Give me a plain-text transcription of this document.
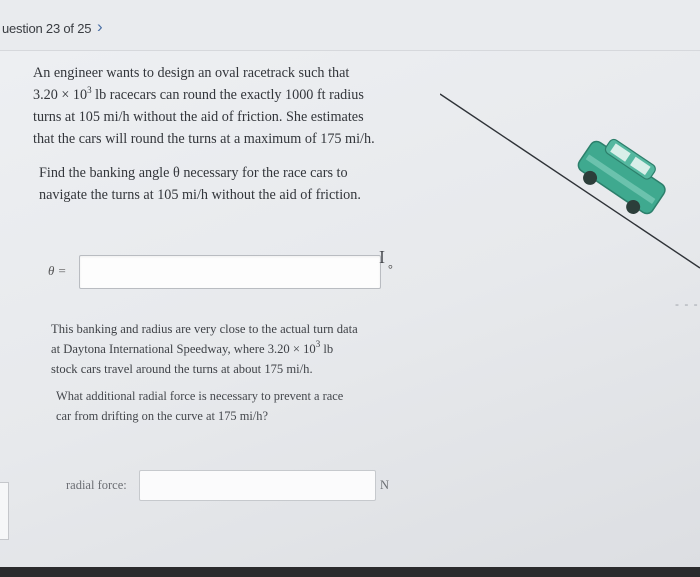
uestion 23 of 25 ›

An engineer wants to design an oval racetrack such that
$3.20 \times 10^3$ lb racecars can round the exactly 1000 ft radius
turns at 105 mi/h without the aid of friction. She estimates
that the cars will round the turns at a maximum of 175 mi/h.

Find the banking angle θ necessary for the race cars to
navigate the turns at 105 mi/h without the aid of friction.

θ =
Ｉ
°

This banking and radius are very close to the actual turn data
at Daytona International Speedway, where $3.20 \times 10^3$ lb
stock cars travel around the turns at about 175 mi/h.

What additional radial force is necessary to prevent a race
car from drifting on the curve at 175 mi/h?

radial force:	N
- - -
